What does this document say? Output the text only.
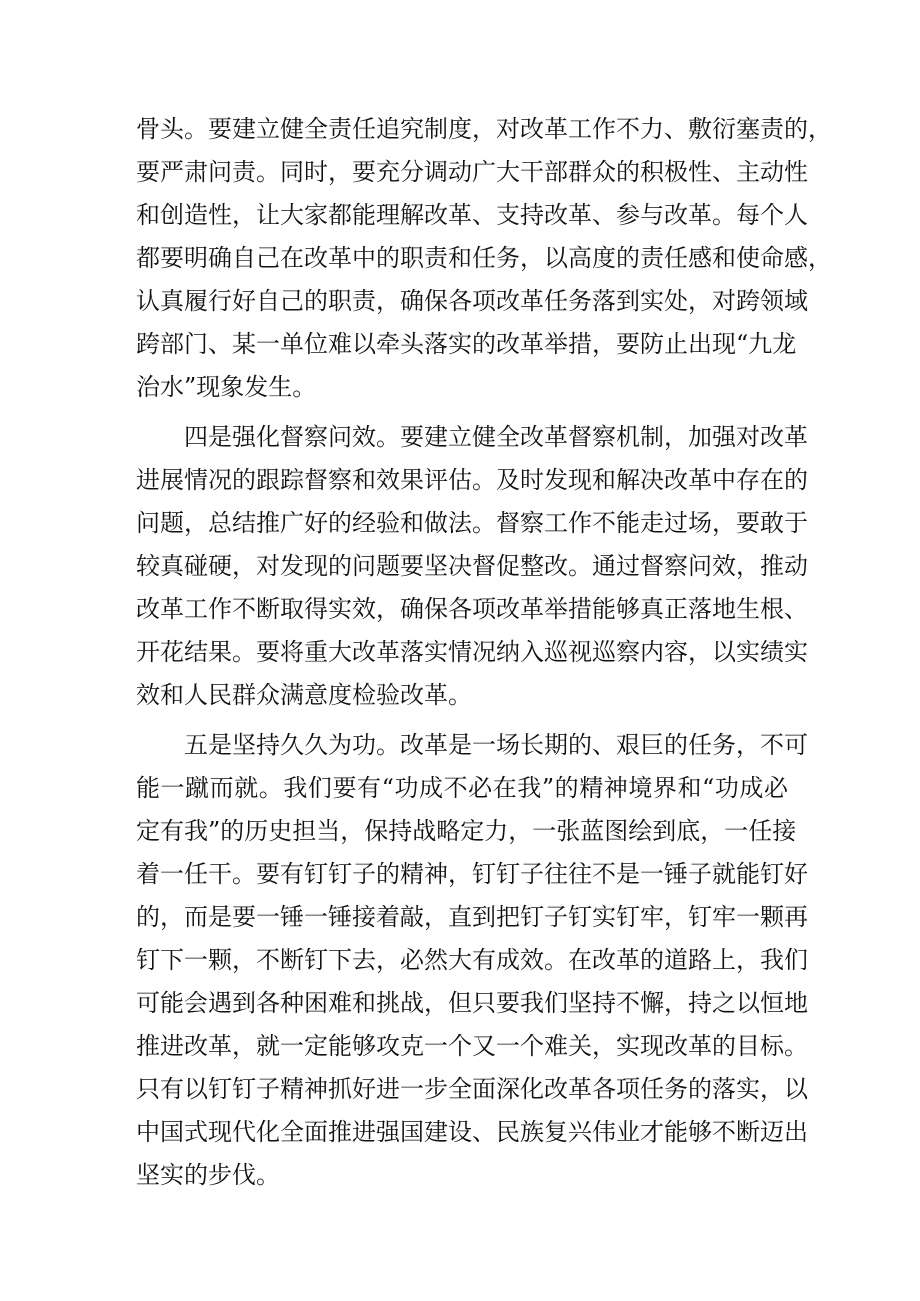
骨头。要建立健全责任追究制度，对改革工作不力、敷衍塞责的，
要严肃问责。同时，要充分调动广大干部群众的积极性、主动性
和创造性，让大家都能理解改革、支持改革、参与改革。每个人
都要明确自己在改革中的职责和任务，以高度的责任感和使命感，
认真履行好自己的职责，确保各项改革任务落到实处，对跨领域
跨部门、某一单位难以牵头落实的改革举措，要防止出现“九龙
治水”现象发生。
四是强化督察问效。要建立健全改革督察机制，加强对改革
进展情况的跟踪督察和效果评估。及时发现和解决改革中存在的
问题，总结推广好的经验和做法。督察工作不能走过场，要敢于
较真碰硬，对发现的问题要坚决督促整改。通过督察问效，推动
改革工作不断取得实效，确保各项改革举措能够真正落地生根、
开花结果。要将重大改革落实情况纳入巡视巡察内容，以实绩实
效和人民群众满意度检验改革。
五是坚持久久为功。改革是一场长期的、艰巨的任务，不可
能一蹴而就。我们要有“功成不必在我”的精神境界和“功成必
定有我”的历史担当，保持战略定力，一张蓝图绘到底，一任接
着一任干。要有钉钉子的精神，钉钉子往往不是一锤子就能钉好
的，而是要一锤一锤接着敲，直到把钉子钉实钉牢，钉牢一颗再
钉下一颗，不断钉下去，必然大有成效。在改革的道路上，我们
可能会遇到各种困难和挑战，但只要我们坚持不懈，持之以恒地
推进改革，就一定能够攻克一个又一个难关，实现改革的目标。
只有以钉钉子精神抓好进一步全面深化改革各项任务的落实，以
中国式现代化全面推进强国建设、民族复兴伟业才能够不断迈出
坚实的步伐。
